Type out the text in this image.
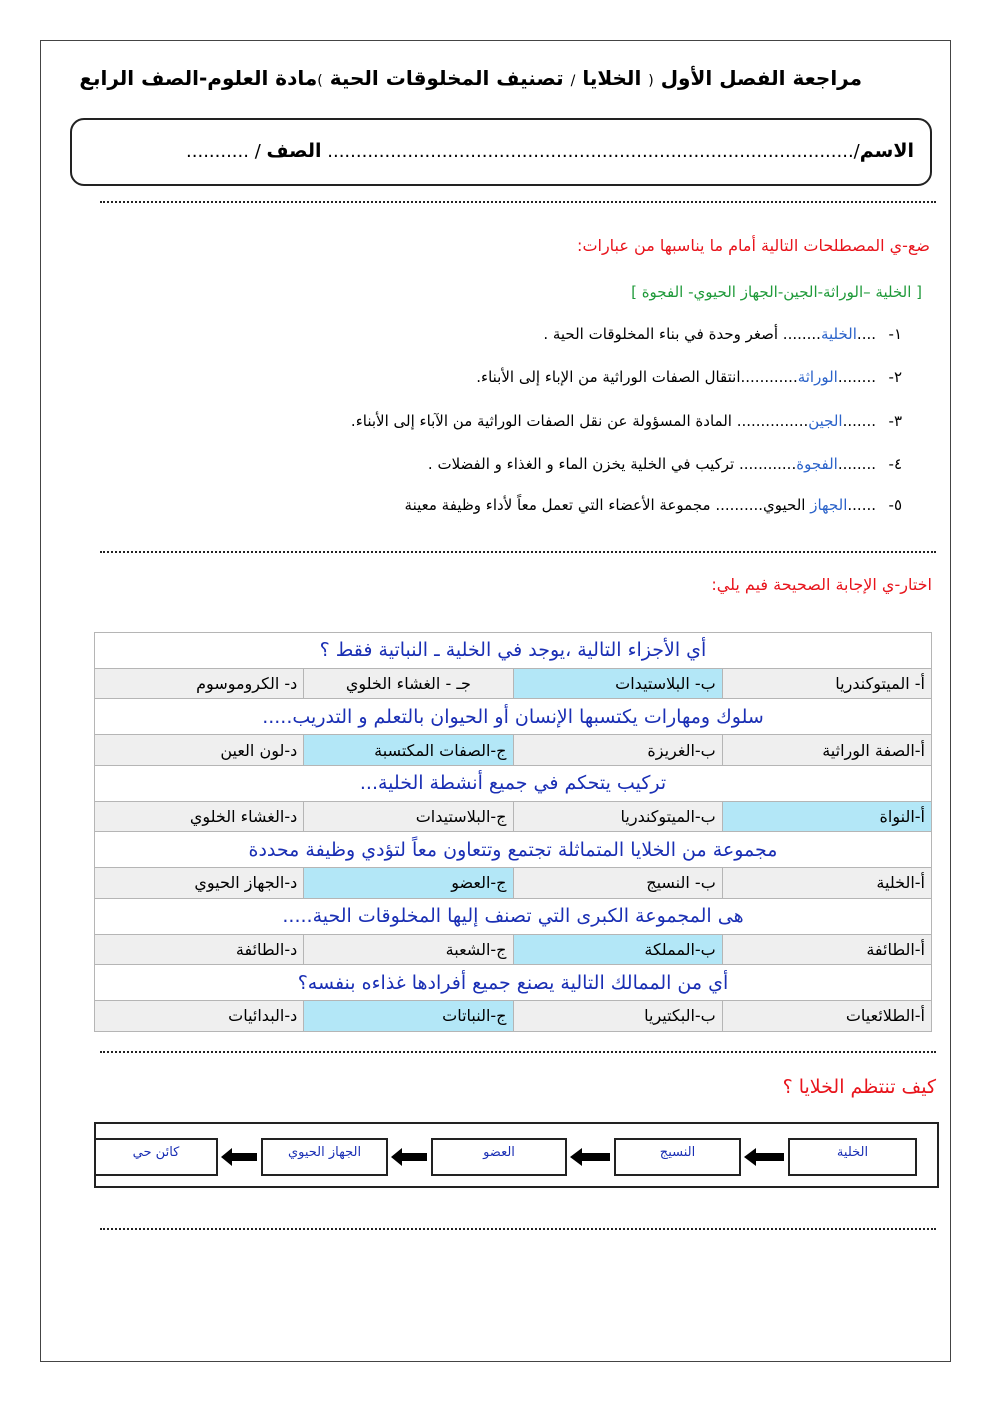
مراجعة الفصل الأول ( الخلايا / تصنيف المخلوقات الحية )مادة العلوم-الصف الرابع
الاسم/............................................................................................ الصف / ...........
ضع-ي المصطلحات التالية أمام ما يناسبها من عبارات:
[ الخلية –الوراثة-الجين-الجهاز الحيوي- الفجوة ]
١-....الخلية........ أصغر وحدة في بناء المخلوقات الحية .
٢-........الوراثة............انتقال الصفات الوراثية من الإباء إلى الأبناء.
٣-.......الجين............... المادة المسؤولة عن نقل الصفات الوراثية من الآباء إلى الأبناء.
٤-........الفجوة............ تركيب في الخلية يخزن الماء و الغذاء و الفضلات .
٥-......الجهاز الحيوي.......... مجموعة الأعضاء التي تعمل معاً لأداء وظيفة معينة
اختار-ي الإجابة الصحيحة فيم يلي:
أي الأجزاء التالية ،يوجد في الخلية ـ النباتية فقط ؟			
أ- الميتوكندريا	ب- البلاستيدات	جـ - الغشاء الخلوي	د- الكروموسوم
سلوك ومهارات يكتسبها الإنسان أو الحيوان بالتعلم و التدريب.....			
أ-الصفة الوراثية	ب-الغريزة	ج-الصفات المكتسبة	د-لون العين
تركيب يتحكم في جميع أنشطة الخلية...			
أ-النواة	ب-الميتوكندريا	ج-البلاستيدات	د-الغشاء الخلوي
مجموعة من الخلايا المتماثلة تجتمع وتتعاون معاً لتؤدي وظيفة محددة			
أ-الخلية	ب- النسيج	ج-العضو	د-الجهاز الحيوي
هى المجموعة الكبرى التي تصنف إليها المخلوقات الحية.....			
أ-الطائفة	ب-المملكة	ج-الشعبة	د-الطائفة
أي من الممالك التالية يصنع جميع أفرادها غذاءه بنفسه؟			
أ-الطلائعيات	ب-البكتيريا	ج-النباتات	د-البدائيات
كيف تنتظم الخلايا ؟
الخلية
النسيج
العضو
الجهاز الحيوي
كائن حي
